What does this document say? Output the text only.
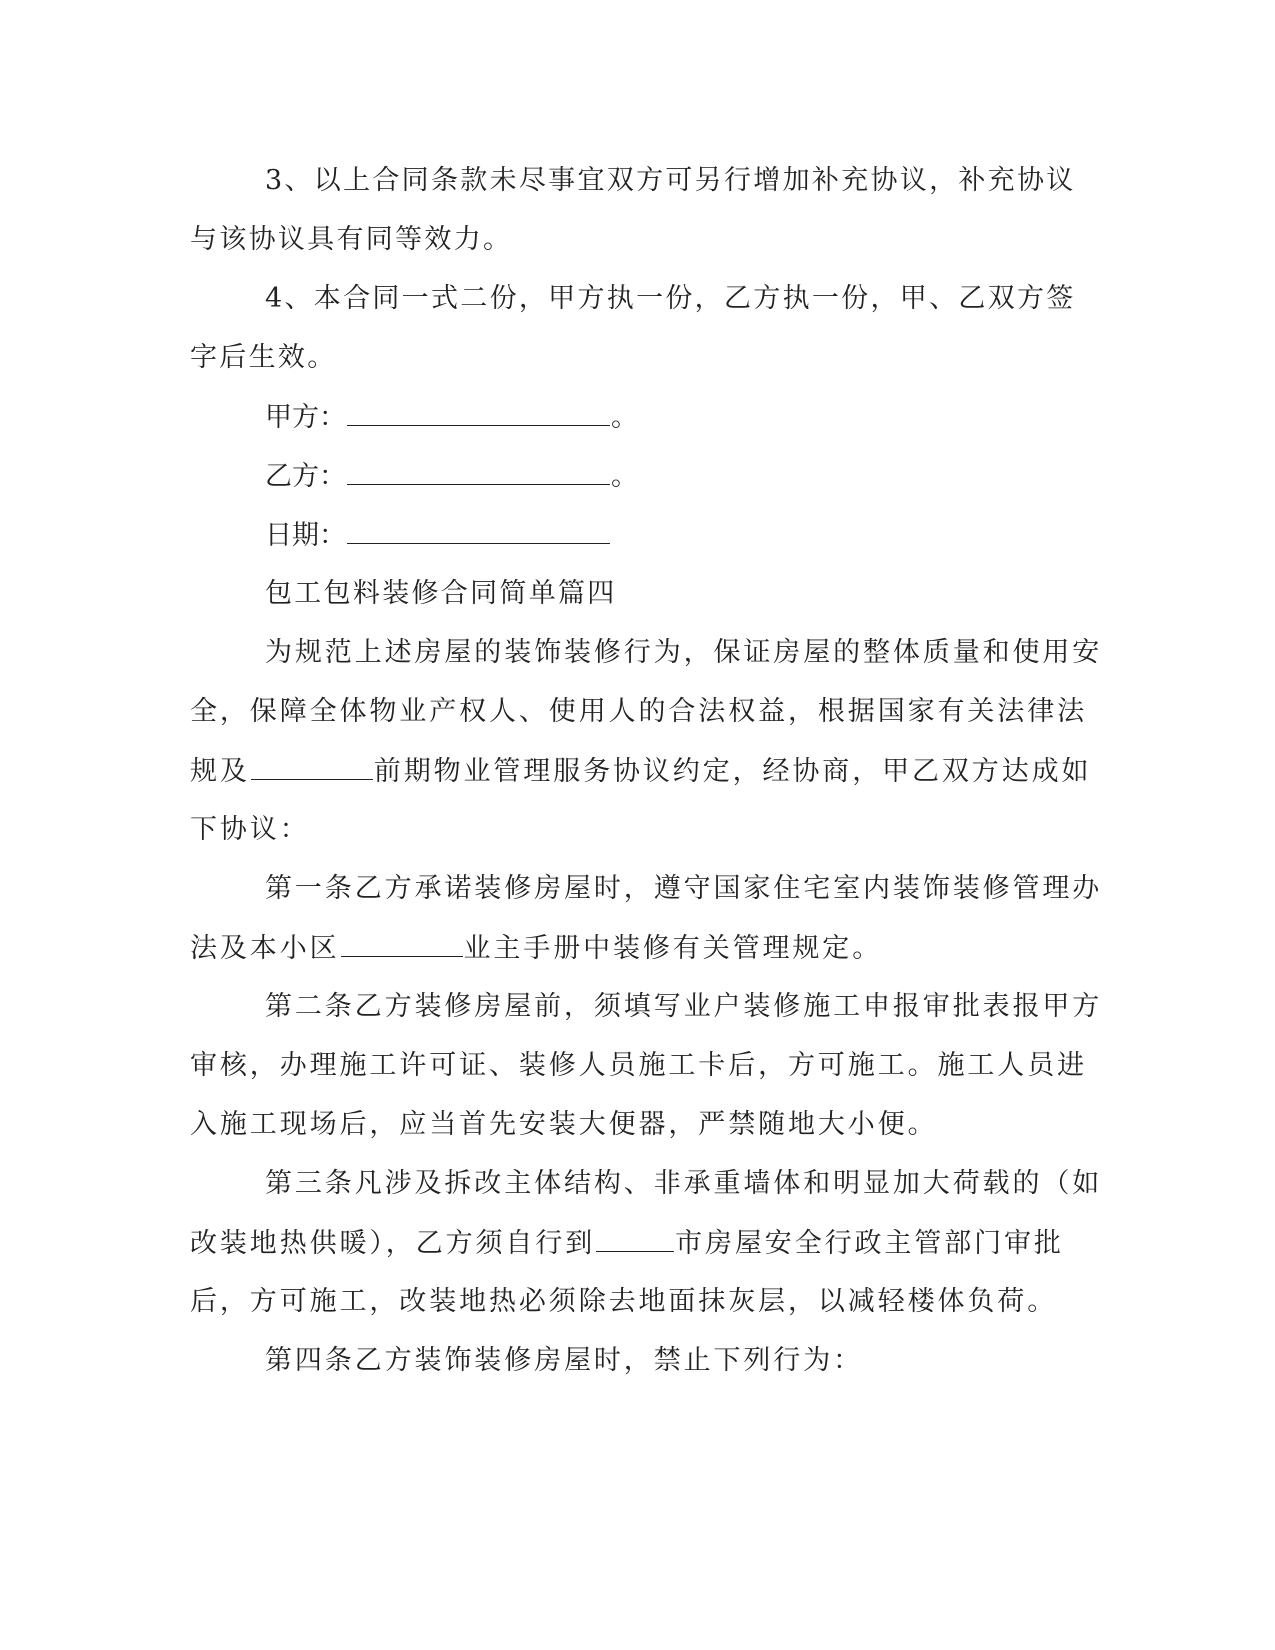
3、以上合同条款未尽事宜双方可另行增加补充协议，补充协议
与该协议具有同等效力。
4、本合同一式二份，甲方执一份，乙方执一份，甲、乙双方签
字后生效。
甲方：	。
乙方：	。
日期：
包工包料装修合同简单篇四
为规范上述房屋的装饰装修行为，保证房屋的整体质量和使用安
全，保障全体物业产权人、使用人的合法权益，根据国家有关法律法
规及	前期物业管理服务协议约定，经协商，甲乙双方达成如
下协议：
第一条乙方承诺装修房屋时，遵守国家住宅室内装饰装修管理办
法及本小区	业主手册中装修有关管理规定。
第二条乙方装修房屋前，须填写业户装修施工申报审批表报甲方
审核，办理施工许可证、装修人员施工卡后，方可施工。施工人员进
入施工现场后，应当首先安装大便器，严禁随地大小便。
第三条凡涉及拆改主体结构、非承重墙体和明显加大荷载的（如
改装地热供暖），乙方须自行到	市房屋安全行政主管部门审批
后，方可施工，改装地热必须除去地面抹灰层，以减轻楼体负荷。
第四条乙方装饰装修房屋时，禁止下列行为：
